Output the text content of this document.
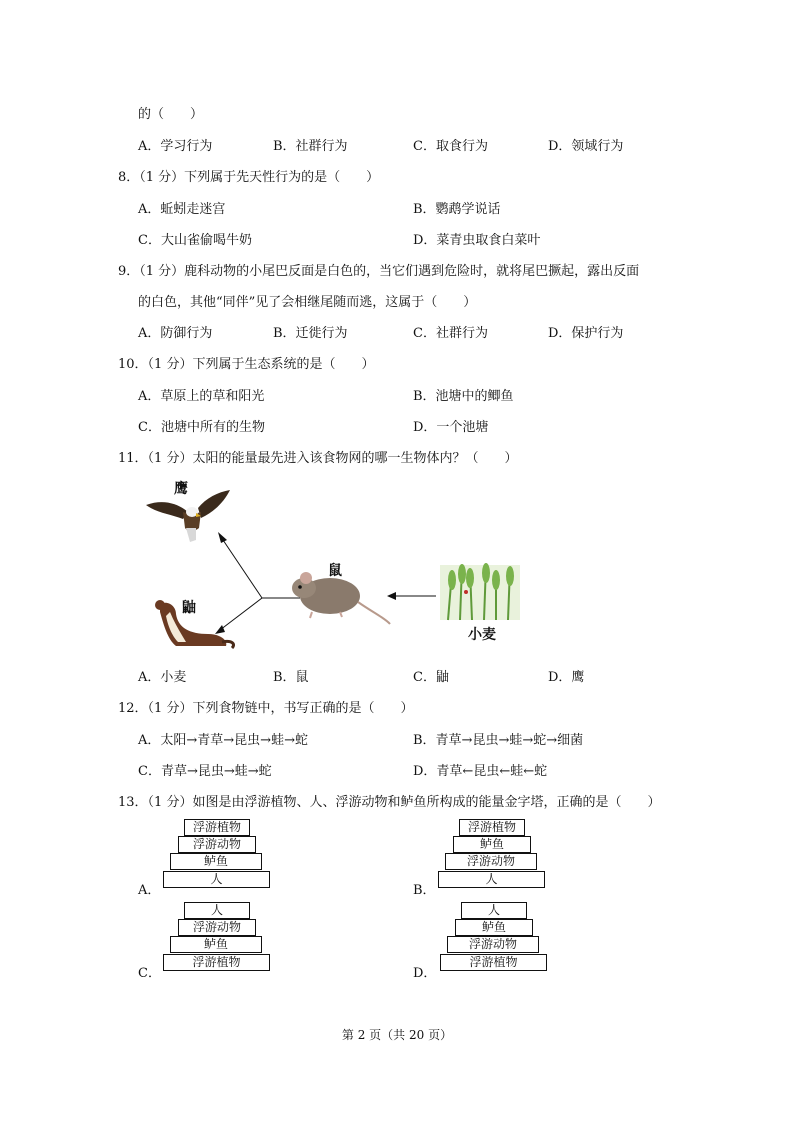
的（　　）
A．学习行为	B．社群行为	C．取食行为	D．领域行为
8．（1 分）下列属于先天性行为的是（　　）
A．蚯蚓走迷宫	B．鹦鹉学说话
C．大山雀偷喝牛奶	D．菜青虫取食白菜叶
9．（1 分）鹿科动物的小尾巴反面是白色的，当它们遇到危险时，就将尾巴撅起，露出反面
的白色，其他“同伴”见了会相继尾随而逃，这属于（　　）
A．防御行为	B．迁徙行为	C．社群行为	D．保护行为
10．（1 分）下列属于生态系统的是（　　）
A．草原上的草和阳光	B．池塘中的鲫鱼
C．池塘中所有的生物	D．一个池塘
11．（1 分）太阳的能量最先进入该食物网的哪一生物体内？（　　）
鹰
鼠
鼬
小麦
A．小麦	B．鼠	C．鼬	D．鹰
12．（1 分）下列食物链中，书写正确的是（　　）
A．太阳→青草→昆虫→蛙→蛇	B．青草→昆虫→蛙→蛇→细菌
C．青草→昆虫→蛙→蛇	D．青草←昆虫←蛙←蛇
13．（1 分）如图是由浮游植物、人、浮游动物和鲈鱼所构成的能量金字塔，正确的是（　　）
A．
浮游植物
浮游动物
鲈鱼
人
B．
浮游植物
鲈鱼
浮游动物
人
C．
人
浮游动物
鲈鱼
浮游植物
D．
人
鲈鱼
浮游动物
浮游植物
第 2 页（共 20 页）
